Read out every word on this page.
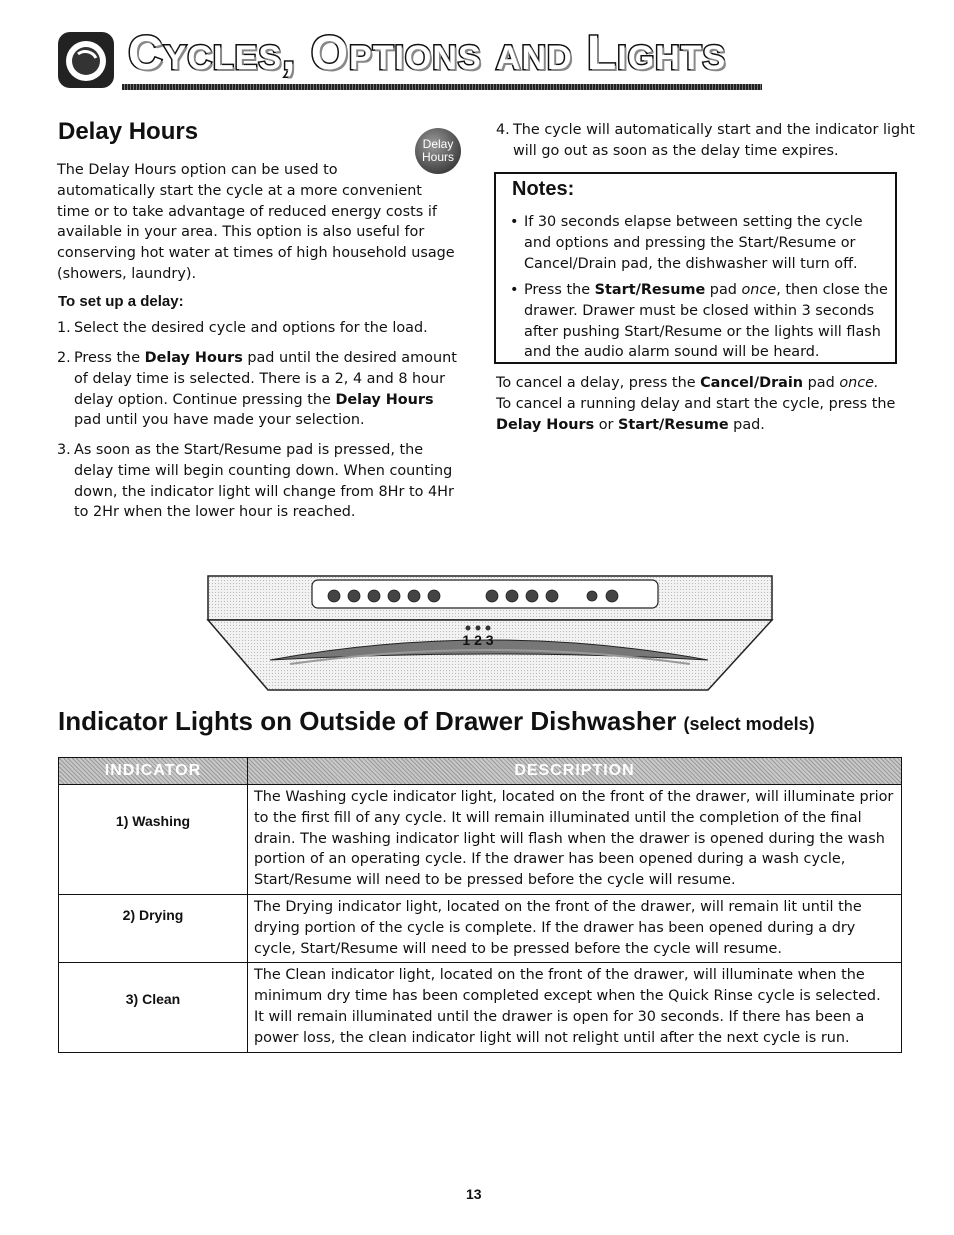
Cycles, Options and Lights
Delay Hours	Delay
Hours
The Delay Hours option can be used to
automatically start the cycle at a more convenient time or to take advantage of reduced energy costs if available in your area. This option is also useful for conserving hot water at times of high household usage (showers, laundry).
To set up a delay:
1. Select the desired cycle and options for the load.
2. Press the Delay Hours pad until the desired amount of delay time is selected. There is a 2, 4 and 8 hour delay option. Continue pressing the Delay Hours pad until you have made your selection.
3. As soon as the Start/Resume pad is pressed, the delay time will begin counting down. When counting down, the indicator light will change from 8Hr to 4Hr to 2Hr when the lower hour is reached.
4. The cycle will automatically start and the indicator light will go out as soon as the delay time expires.
Notes:
• If 30 seconds elapse between setting the cycle and options and pressing the Start/Resume or Cancel/Drain pad, the dishwasher will turn off.
• Press the Start/Resume pad once, then close the drawer. Drawer must be closed within 3 seconds after pushing Start/Resume or the lights will flash and the audio alarm sound will be heard.
To cancel a delay, press the Cancel/Drain pad once. To cancel a running delay and start the cycle, press the Delay Hours or Start/Resume pad.
1 2 3
Indicator Lights on Outside of Drawer Dishwasher (select models)
INDICATOR	DESCRIPTION
1) Washing	The Washing cycle indicator light, located on the front of the drawer, will illuminate prior to the first fill of any cycle. It will remain illuminated until the completion of the final drain. The washing indicator light will flash when the drawer is opened during the wash portion of an operating cycle. If the drawer has been opened during a wash cycle, Start/Resume will need to be pressed before the cycle will resume.
2) Drying	The Drying indicator light, located on the front of the drawer, will remain lit until the drying portion of the cycle is complete. If the drawer has been opened during a dry cycle, Start/Resume will need to be pressed before the cycle will resume.
3) Clean	The Clean indicator light, located on the front of the drawer, will illuminate when the minimum dry time has been completed except when the Quick Rinse cycle is selected. It will remain illuminated until the drawer is open for 30 seconds. If there has been a power loss, the clean indicator light will not relight until after the next cycle is run.
13
